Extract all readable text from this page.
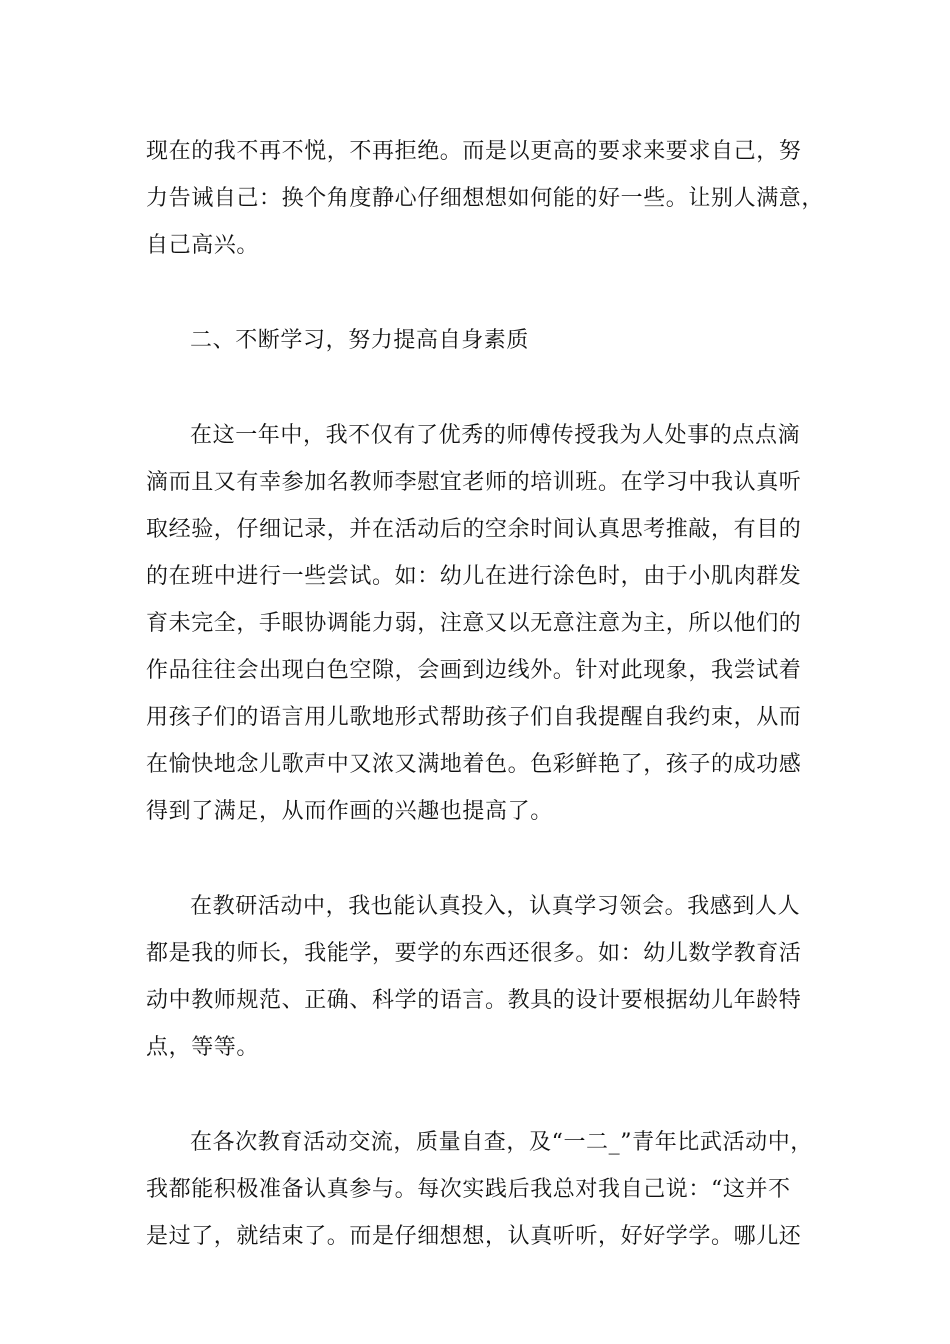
现在的我不再不悦，不再拒绝。而是以更高的要求来要求自己，努
力告诫自己：换个角度静心仔细想想如何能的好一些。让别人满意，
自己高兴。
二、不断学习，努力提高自身素质
在这一年中，我不仅有了优秀的师傅传授我为人处事的点点滴
滴而且又有幸参加名教师李慰宜老师的培训班。在学习中我认真听
取经验，仔细记录，并在活动后的空余时间认真思考推敲，有目的
的在班中进行一些尝试。如：幼儿在进行涂色时，由于小肌肉群发
育未完全，手眼协调能力弱，注意又以无意注意为主，所以他们的
作品往往会出现白色空隙，会画到边线外。针对此现象，我尝试着
用孩子们的语言用儿歌地形式帮助孩子们自我提醒自我约束，从而
在愉快地念儿歌声中又浓又满地着色。色彩鲜艳了，孩子的成功感
得到了满足，从而作画的兴趣也提高了。
在教研活动中，我也能认真投入，认真学习领会。我感到人人
都是我的师长，我能学，要学的东西还很多。如：幼儿数学教育活
动中教师规范、正确、科学的语言。教具的设计要根据幼儿年龄特
点，等等。
在各次教育活动交流，质量自查，及“一二_”青年比武活动中，
我都能积极准备认真参与。每次实践后我总对我自己说：“这并不
是过了，就结束了。而是仔细想想，认真听听，好好学学。哪儿还
